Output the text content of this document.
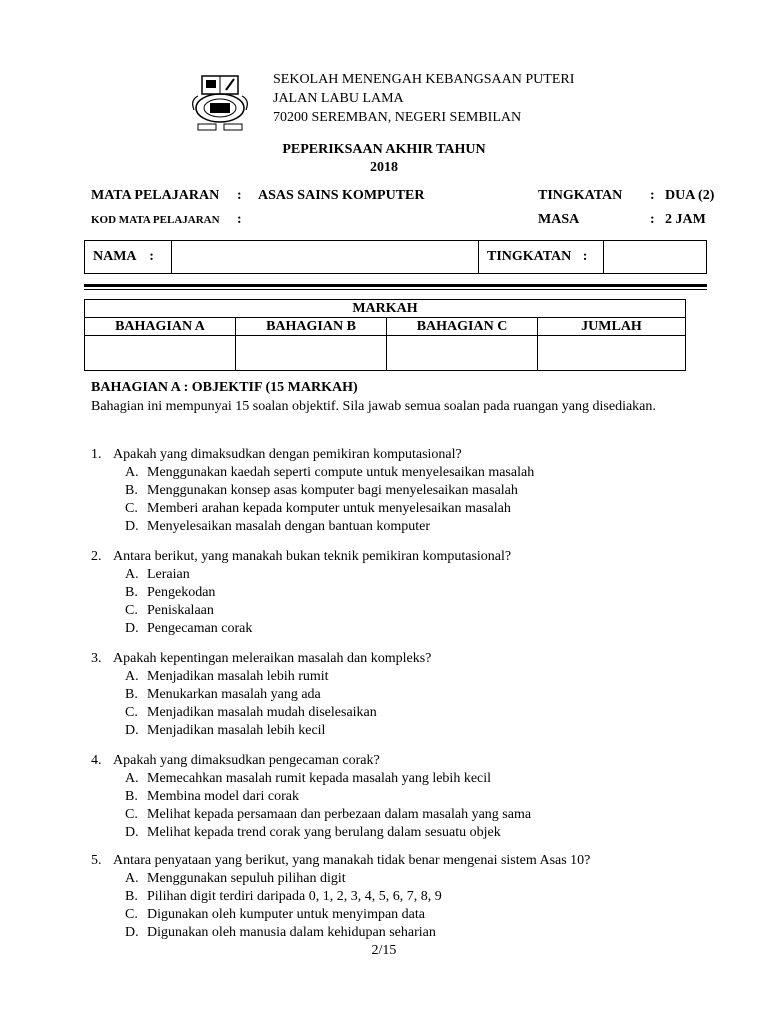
SEKOLAH MENENGAH KEBANGSAAN PUTERI
JALAN LABU LAMA
70200 SEREMBAN, NEGERI SEMBILAN
PEPERIKSAAN AKHIR TAHUN
2018
MATA PELAJARAN : ASAS SAINS KOMPUTER	TINGKATAN : DUA (2)
KOD MATA PELAJARAN :	MASA	: 2 JAM
NAMA :		TINGKATAN :	
MARKAH			
BAHAGIAN A	BAHAGIAN B	BAHAGIAN C	JUMLAH

BAHAGIAN A : OBJEKTIF (15 MARKAH)
Bahagian ini mempunyai 15 soalan objektif. Sila jawab semua soalan pada ruangan yang disediakan.
1. Apakah yang dimaksudkan dengan pemikiran komputasional?
A. Menggunakan kaedah seperti compute untuk menyelesaikan masalah
B. Menggunakan konsep asas komputer bagi menyelesaikan masalah
C. Memberi arahan kepada komputer untuk menyelesaikan masalah
D. Menyelesaikan masalah dengan bantuan komputer
2. Antara berikut, yang manakah bukan teknik pemikiran komputasional?
A. Leraian
B. Pengekodan
C. Peniskalaan
D. Pengecaman corak
3. Apakah kepentingan meleraikan masalah dan kompleks?
A. Menjadikan masalah lebih rumit
B. Menukarkan masalah yang ada
C. Menjadikan masalah mudah diselesaikan
D. Menjadikan masalah lebih kecil
4. Apakah yang dimaksudkan pengecaman corak?
A. Memecahkan masalah rumit kepada masalah yang lebih kecil
B. Membina model dari corak
C. Melihat kepada persamaan dan perbezaan dalam masalah yang sama
D. Melihat kepada trend corak yang berulang dalam sesuatu objek
5. Antara penyataan yang berikut, yang manakah tidak benar mengenai sistem Asas 10?
A. Menggunakan sepuluh pilihan digit
B. Pilihan digit terdiri daripada 0, 1, 2, 3, 4, 5, 6, 7, 8, 9
C. Digunakan oleh kumputer untuk menyimpan data
D. Digunakan oleh manusia dalam kehidupan seharian
2/15
